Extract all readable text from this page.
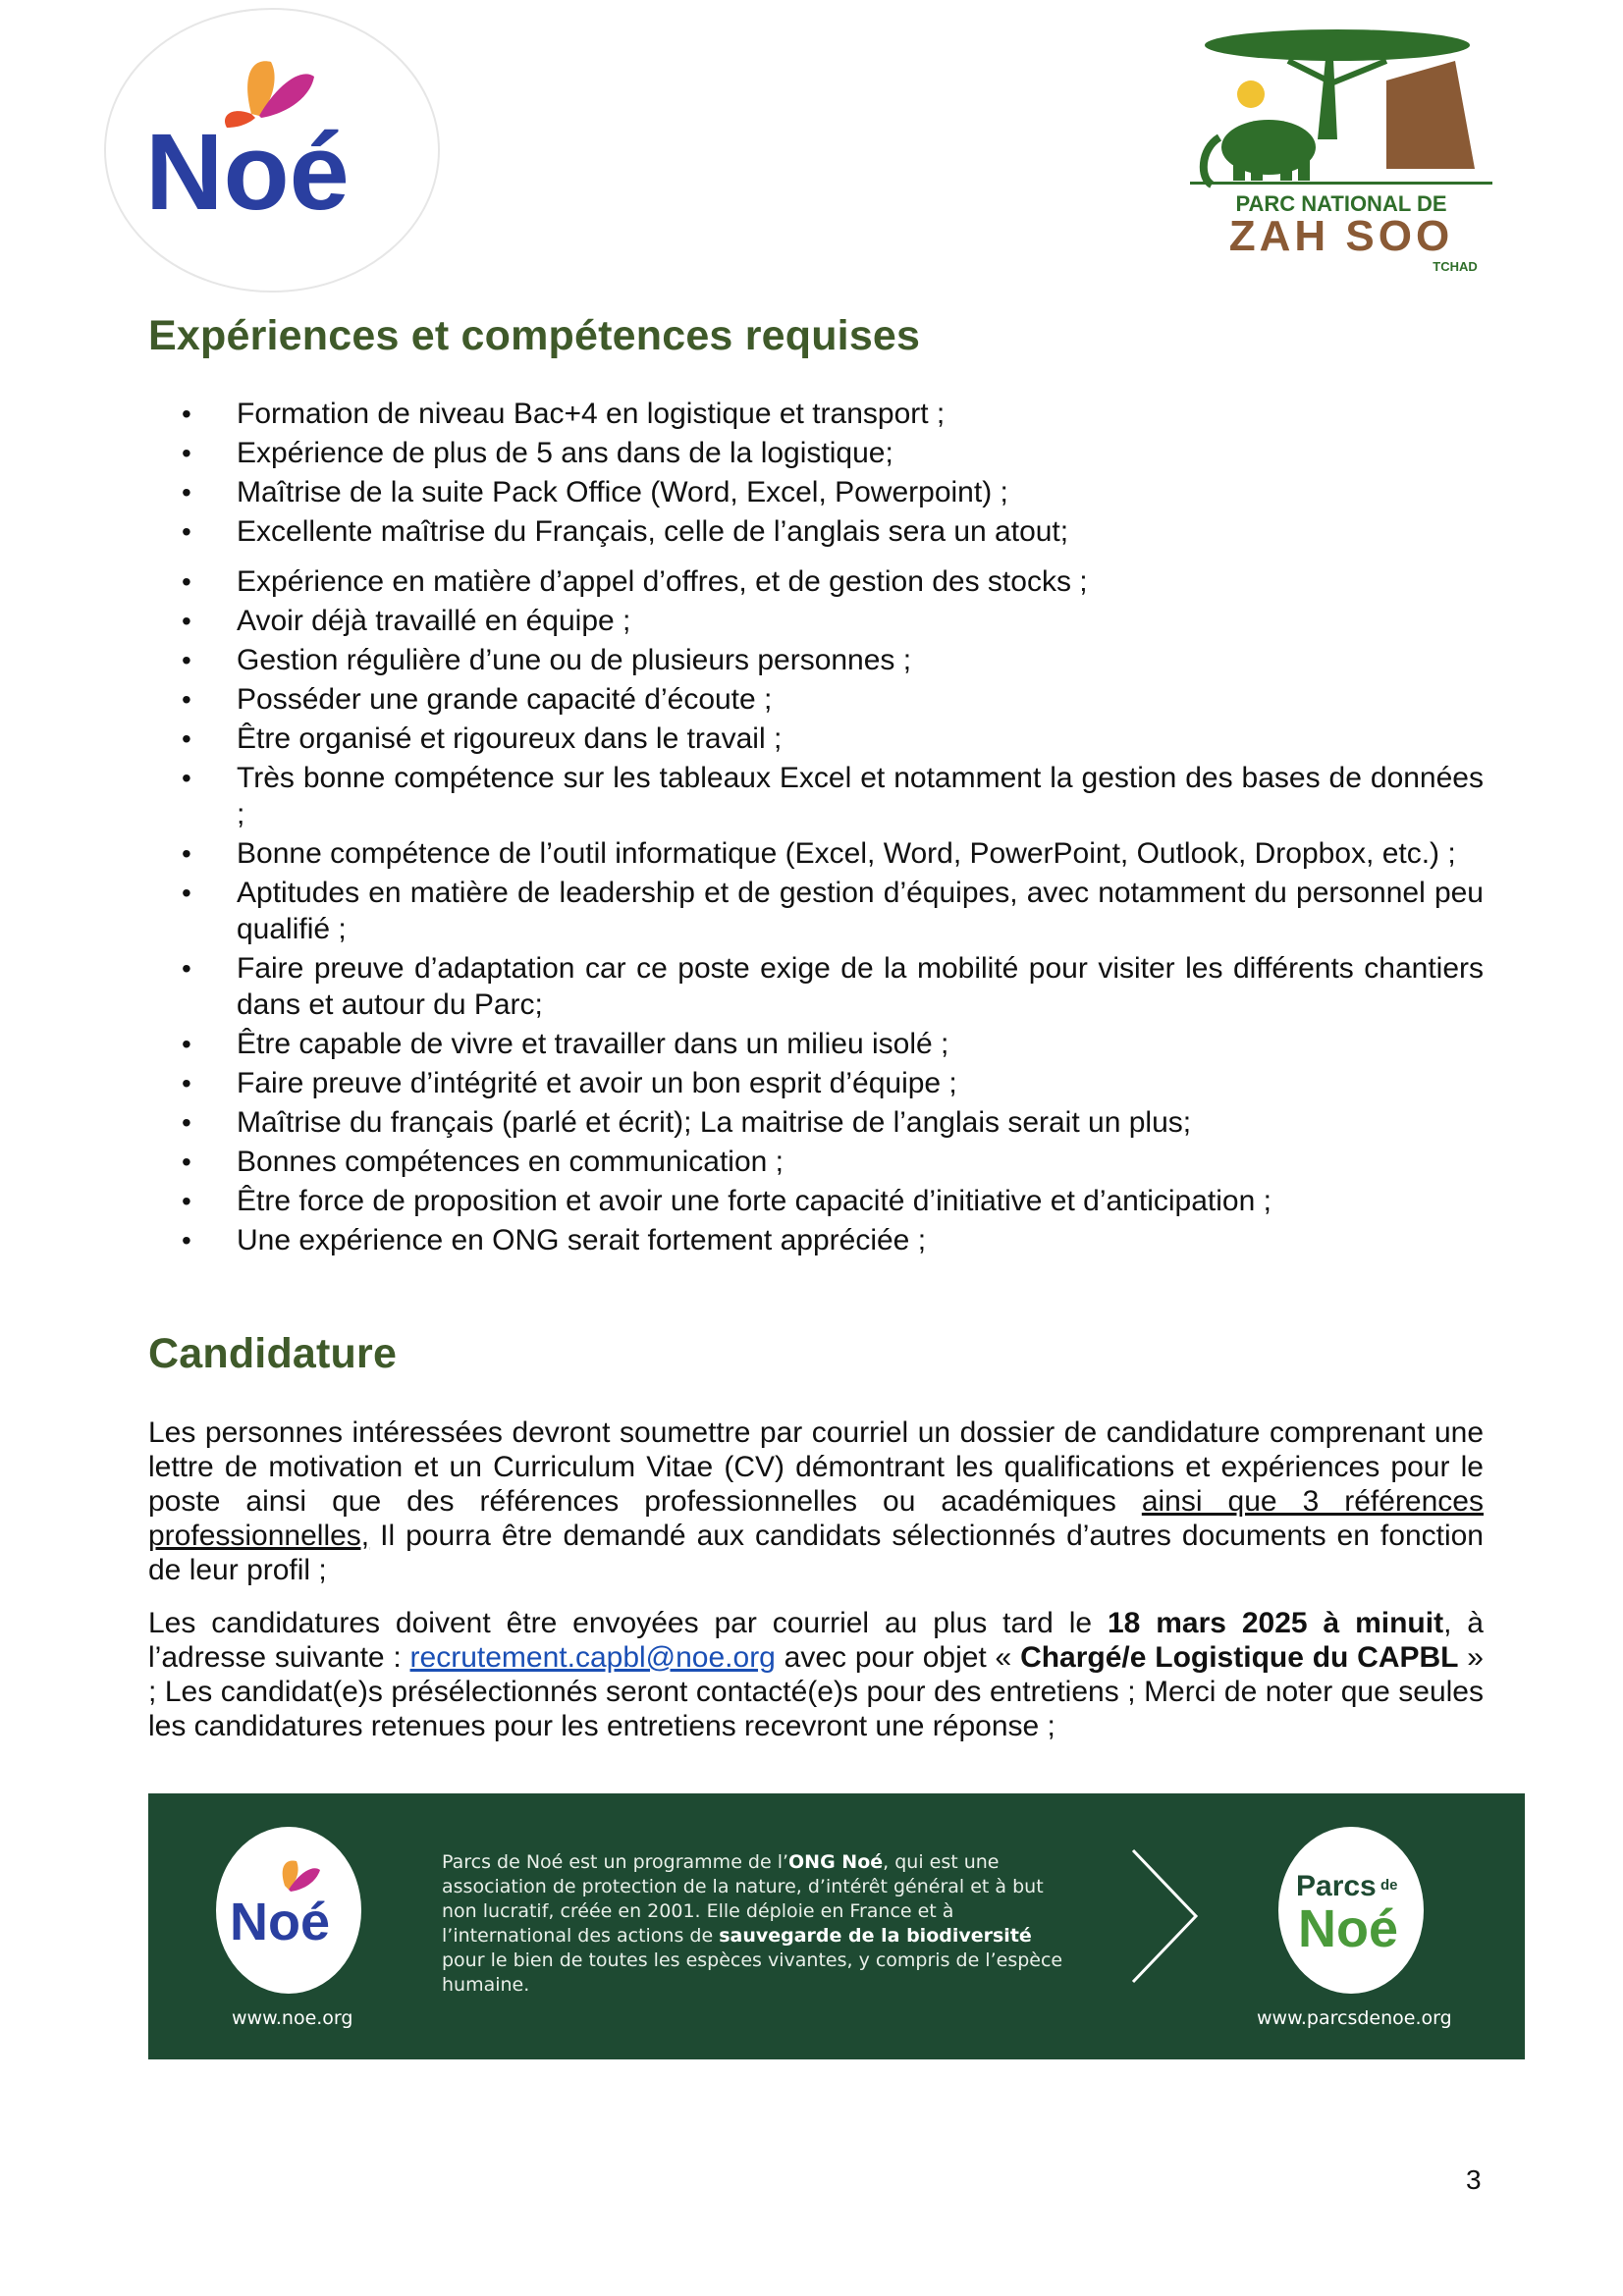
Noé	PARC NATIONAL DE
ZAH SOO
TCHAD
Expériences et compétences requises
• Formation de niveau Bac+4 en logistique et transport ;
• Expérience de plus de 5 ans dans de la logistique;
• Maîtrise de la suite Pack Office (Word, Excel, Powerpoint) ;
• Excellente maîtrise du Français, celle de l’anglais sera un atout;
• Expérience en matière d’appel d’offres, et de gestion des stocks ;
• Avoir déjà travaillé en équipe ;
• Gestion régulière d’une ou de plusieurs personnes ;
• Posséder une grande capacité d’écoute ;
• Être organisé et rigoureux dans le travail ;
• Très bonne compétence sur les tableaux Excel et notamment la gestion des bases de données ;
• Bonne compétence de l’outil informatique (Excel, Word, PowerPoint, Outlook, Dropbox, etc.) ;
• Aptitudes en matière de leadership et de gestion d’équipes, avec notamment du personnel peu qualifié ;
• Faire preuve d’adaptation car ce poste exige de la mobilité pour visiter les différents chantiers dans et autour du Parc;
• Être capable de vivre et travailler dans un milieu isolé ;
• Faire preuve d’intégrité et avoir un bon esprit d’équipe ;
• Maîtrise du français (parlé et écrit); La maitrise de l’anglais serait un plus;
• Bonnes compétences en communication ;
• Être force de proposition et avoir une forte capacité d’initiative et d’anticipation ;
• Une expérience en ONG serait fortement appréciée ;
Candidature

Les personnes intéressées devront soumettre par courriel un dossier de candidature comprenant une lettre de motivation et un Curriculum Vitae (CV) démontrant les qualifications et expériences pour le poste ainsi que des références professionnelles ou académiques ainsi que 3 références professionnelles, Il pourra être demandé aux candidats sélectionnés d’autres documents en fonction de leur profil ;

Les candidatures doivent être envoyées par courriel au plus tard le 18 mars 2025 à minuit, à l’adresse suivante : recrutement.capbl@noe.org avec pour objet « Chargé/e Logistique du CAPBL » ; Les candidat(e)s présélectionnés seront contacté(e)s pour des entretiens ; Merci de noter que seules les candidatures retenues pour les entretiens recevront une réponse ;

Noé
www.noe.org
Parcs de Noé est un programme de l’ONG Noé, qui est une association de protection de la nature, d’intérêt général et à but non lucratif, créée en 2001. Elle déploie en France et à l’international des actions de sauvegarde de la biodiversité pour le bien de toutes les espèces vivantes, y compris de l’espèce humaine.
Parcs de
Noé
www.parcsdenoe.org
3
